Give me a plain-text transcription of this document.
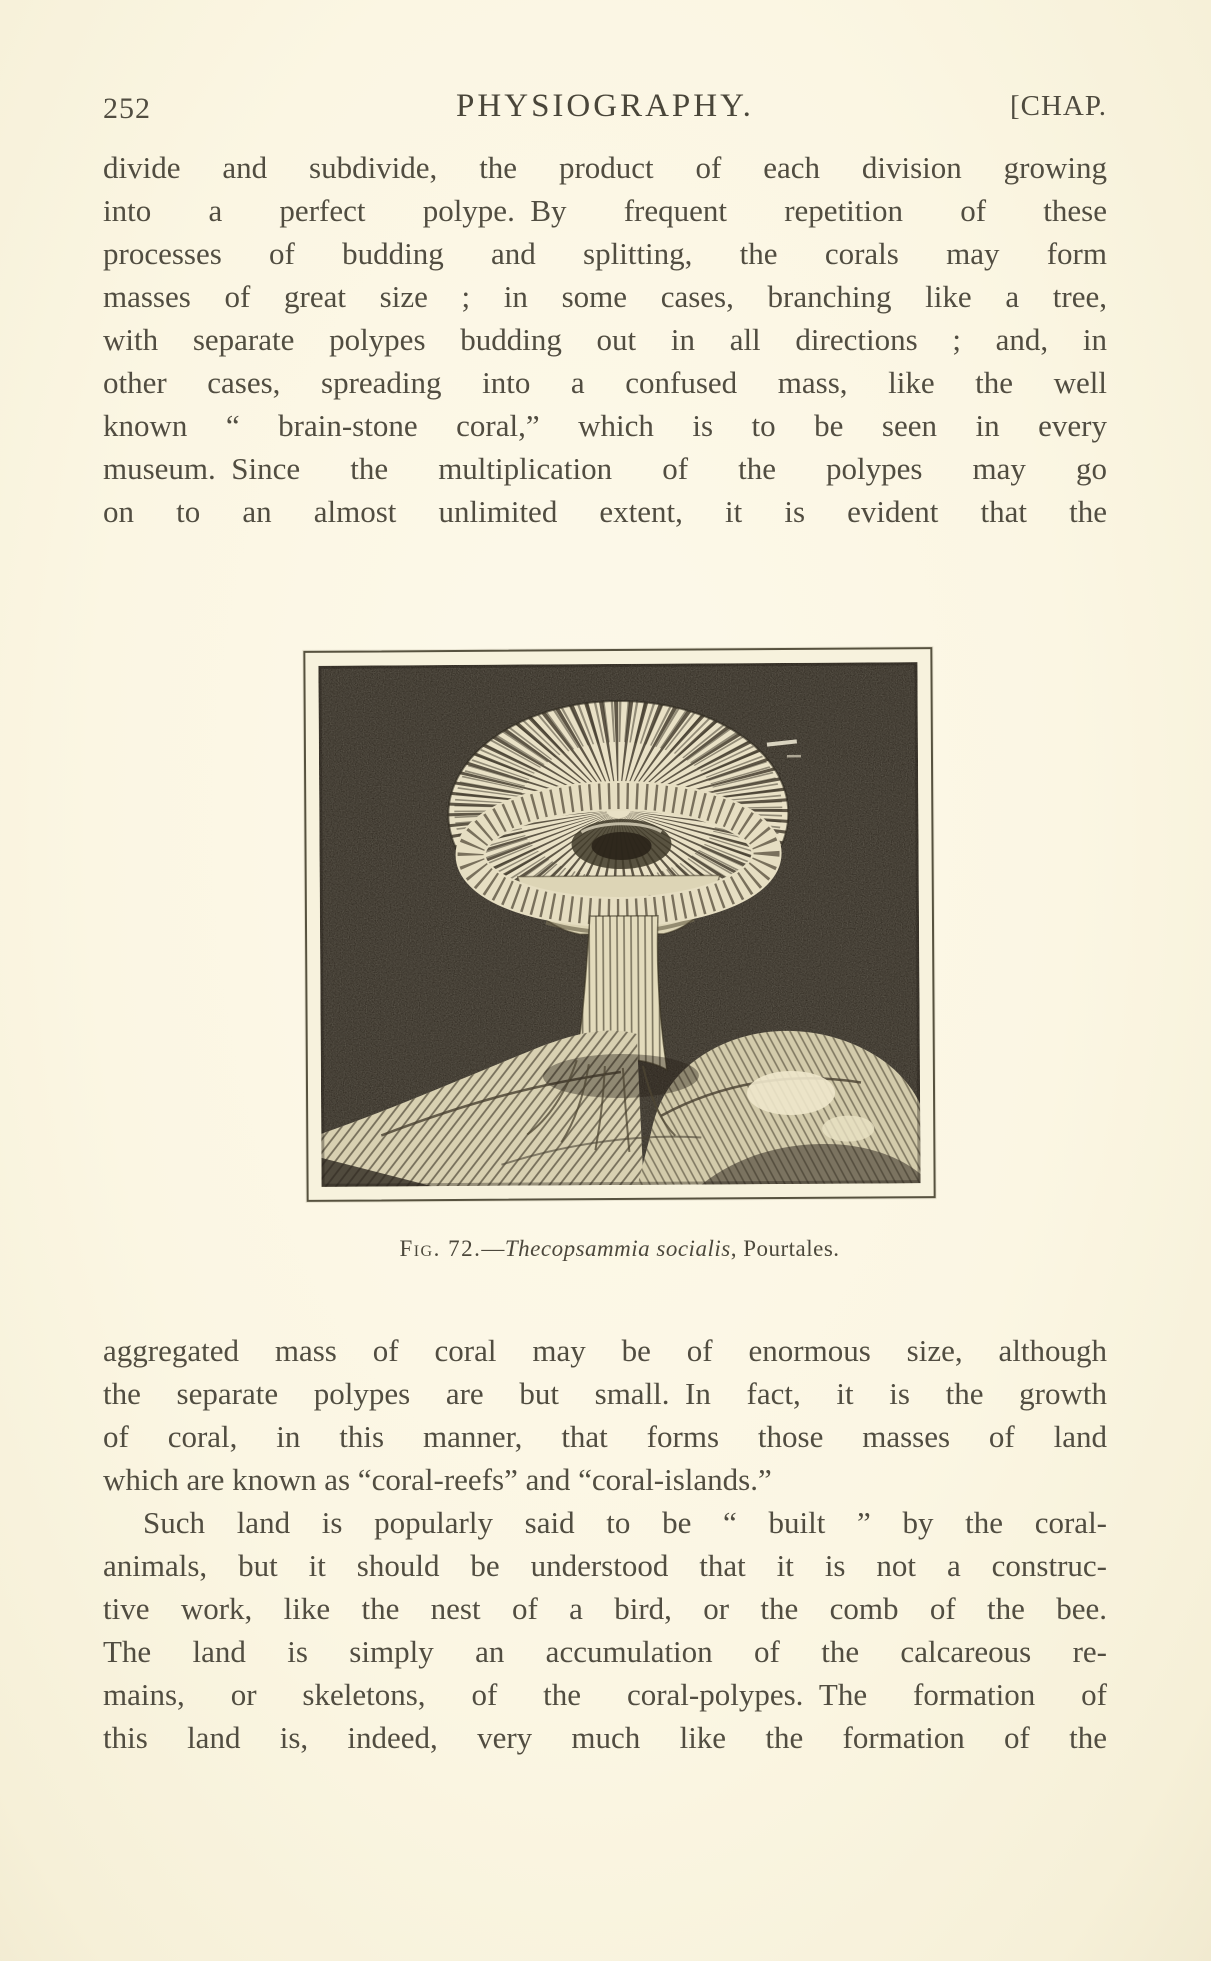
252	PHYSIOGRAPHY.	[CHAP.
divide and subdivide, the product of each division growing
into a perfect polype. By frequent repetition of these
processes of budding and splitting, the corals may form
masses of great size ; in some cases, branching like a tree,
with separate polypes budding out in all directions ; and, in
other cases, spreading into a confused mass, like the well
known “ brain-stone coral,” which is to be seen in every
museum. Since the multiplication of the polypes may go
on to an almost unlimited extent, it is evident that the
Fig. 72.—Thecopsammia socialis, Pourtales.
aggregated mass of coral may be of enormous size, although
the separate polypes are but small. In fact, it is the growth
of coral, in this manner, that forms those masses of land
which are known as “coral-reefs” and “coral-islands.”
Such land is popularly said to be “ built ” by the coral-
animals, but it should be understood that it is not a construc-
tive work, like the nest of a bird, or the comb of the bee.
The land is simply an accumulation of the calcareous re-
mains, or skeletons, of the coral-polypes. The formation of
this land is, indeed, very much like the formation of the
